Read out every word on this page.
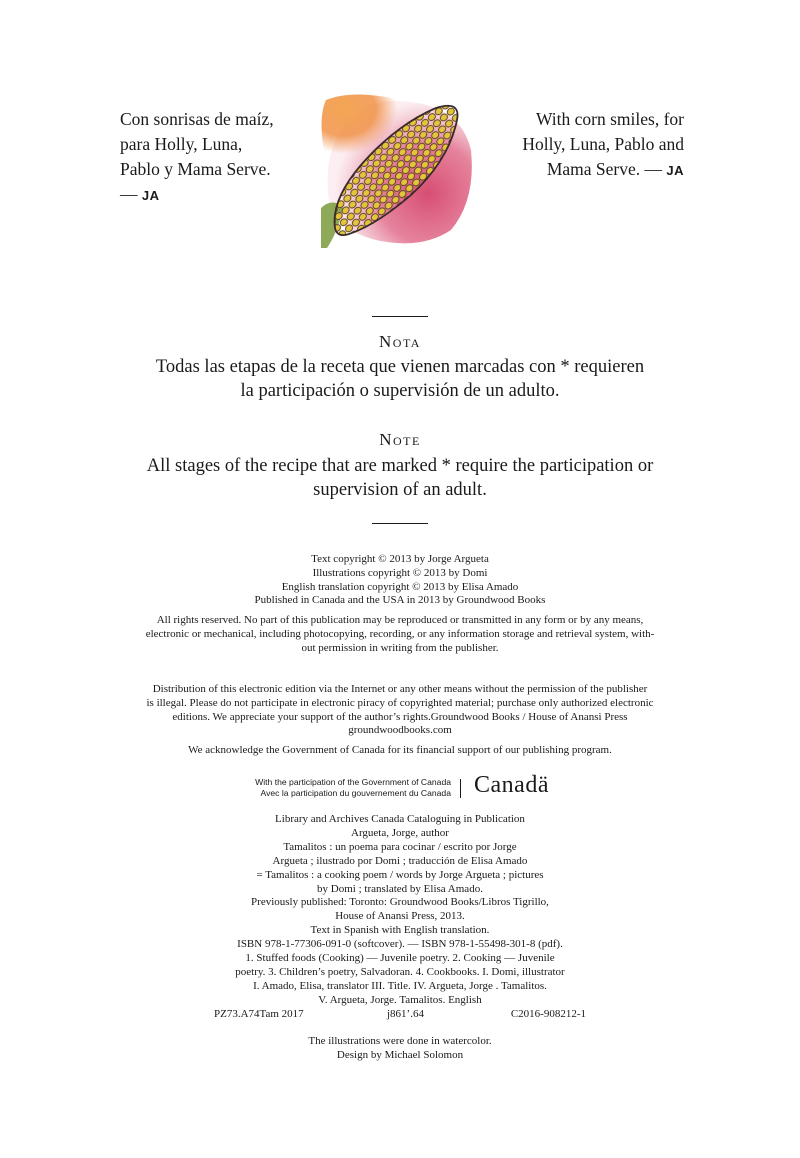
Con sonrisas de maíz,
para Holly, Luna,
Pablo y Mama Serve.
— JA
With corn smiles, for
Holly, Luna, Pablo and
Mama Serve. — JA
Nota
Todas las etapas de la receta que vienen marcadas con * requieren
la participación o supervisión de un adulto.
Note
All stages of the recipe that are marked * require the participation or
supervision of an adult.
Text copyright © 2013 by Jorge Argueta
Illustrations copyright © 2013 by Domi
English translation copyright © 2013 by Elisa Amado
Published in Canada and the USA in 2013 by Groundwood Books
All rights reserved. No part of this publication may be reproduced or transmitted in any form or by any means,
electronic or mechanical, including photocopying, recording, or any information storage and retrieval system, with-
out permission in writing from the publisher.
Distribution of this electronic edition via the Internet or any other means without the permission of the publisher
is illegal. Please do not participate in electronic piracy of copyrighted material; purchase only authorized electronic
editions. We appreciate your support of the author’s rights.Groundwood Books / House of Anansi Press
groundwoodbooks.com
We acknowledge the Government of Canada for its financial support of our publishing program.
With the participation of the Government of Canada
Avec la participation du gouvernement du Canada Canadä
Library and Archives Canada Cataloguing in Publication
Argueta, Jorge, author
Tamalitos : un poema para cocinar / escrito por Jorge
Argueta ; ilustrado por Domi ; traducción de Elisa Amado
= Tamalitos : a cooking poem / words by Jorge Argueta ; pictures
by Domi ; translated by Elisa Amado.
Previously published: Toronto: Groundwood Books/Libros Tigrillo,
House of Anansi Press, 2013.
Text in Spanish with English translation.
ISBN 978-1-77306-091-0 (softcover). — ISBN 978-1-55498-301-8 (pdf).
1. Stuffed foods (Cooking) — Juvenile poetry. 2. Cooking — Juvenile
poetry. 3. Children’s poetry, Salvadoran. 4. Cookbooks. I. Domi, illustrator
I. Amado, Elisa, translator III. Title. IV. Argueta, Jorge . Tamalitos.
V. Argueta, Jorge. Tamalitos. English
PZ73.A74Tam 2017	j861’.64	C2016-908212-1
The illustrations were done in watercolor.
Design by Michael Solomon
